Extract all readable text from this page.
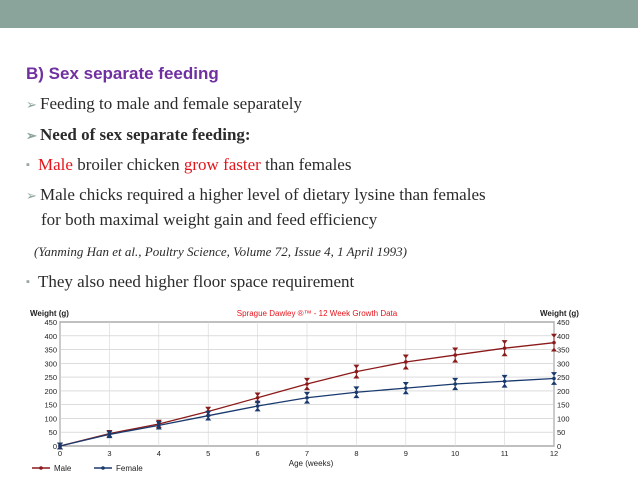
B) Sex separate feeding
➢ Feeding to male and female separately
➢ Need of sex separate feeding:
▪ Male broiler chicken grow faster than females
➢ Male chicks required a higher level of dietary lysine than females
for both maximal weight gain and feed efficiency
(Yanming Han et al., Poultry Science, Volume 72, Issue 4, 1 April 1993)
▪ They also need higher floor space requirement
0	0
50	50
100	100
150	150
200	200
250	250
300	300
350	350
400	400
450	450
0	3	4	5	6	7	8	9	10	11	12
Weight (g)	Weight (g)
Sprague Dawley ®™ - 12 Week Growth Data
Age (weeks)
Male	Female
